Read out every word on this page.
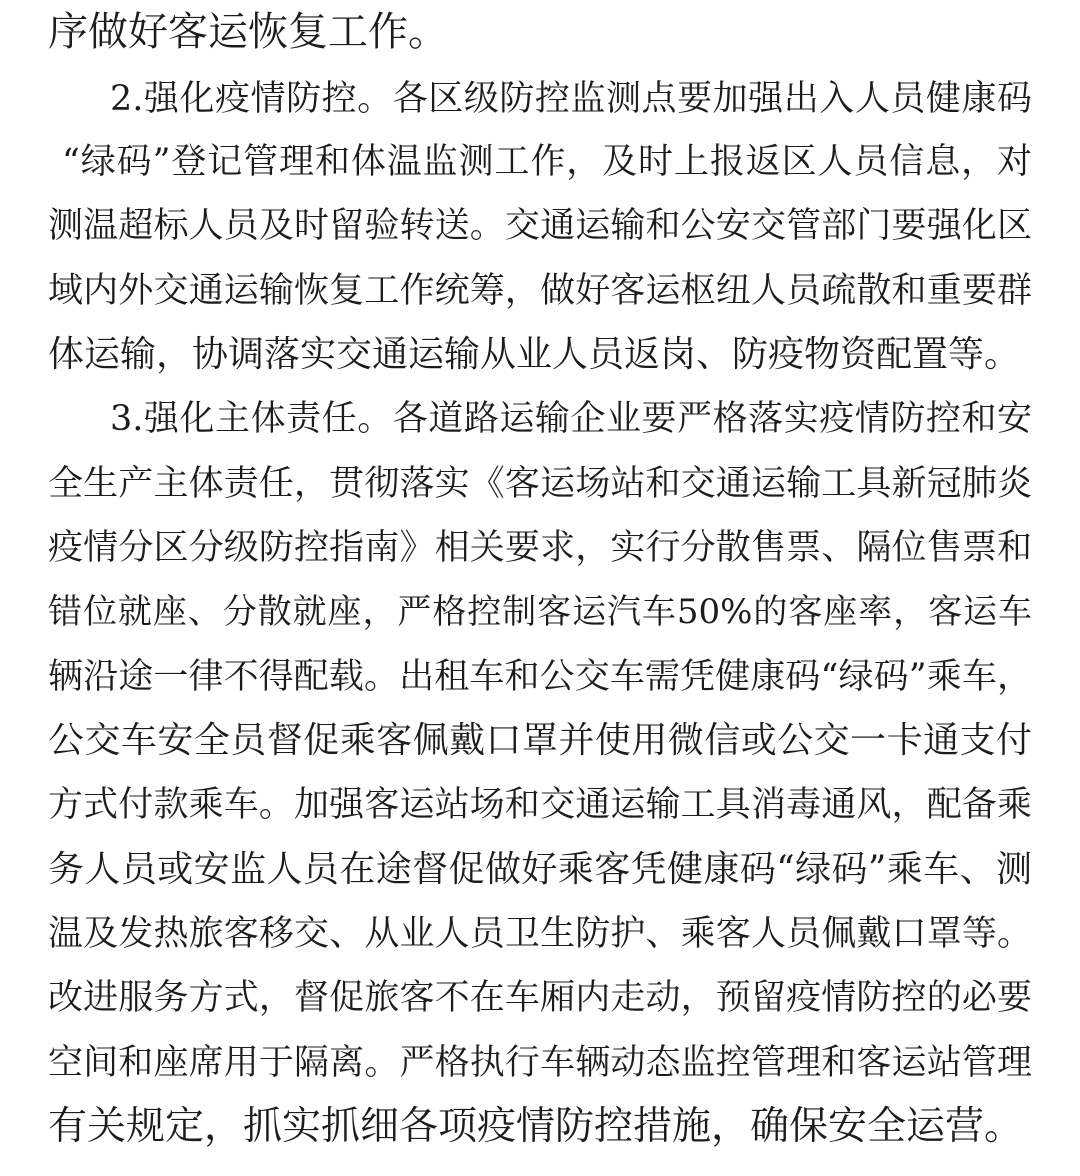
序做好客运恢复工作。
2.强化疫情防控。各区级防控监测点要加强出入人员健康码
“绿码”登记管理和体温监测工作，及时上报返区人员信息，对
测温超标人员及时留验转送。交通运输和公安交管部门要强化区
域内外交通运输恢复工作统筹，做好客运枢纽人员疏散和重要群
体运输，协调落实交通运输从业人员返岗、防疫物资配置等。
3.强化主体责任。各道路运输企业要严格落实疫情防控和安
全生产主体责任，贯彻落实《客运场站和交通运输工具新冠肺炎
疫情分区分级防控指南》相关要求，实行分散售票、隔位售票和
错位就座、分散就座，严格控制客运汽车50%的客座率，客运车
辆沿途一律不得配载。出租车和公交车需凭健康码“绿码”乘车，
公交车安全员督促乘客佩戴口罩并使用微信或公交一卡通支付
方式付款乘车。加强客运站场和交通运输工具消毒通风，配备乘
务人员或安监人员在途督促做好乘客凭健康码“绿码”乘车、测
温及发热旅客移交、从业人员卫生防护、乘客人员佩戴口罩等。
改进服务方式，督促旅客不在车厢内走动，预留疫情防控的必要
空间和座席用于隔离。严格执行车辆动态监控管理和客运站管理
有关规定，抓实抓细各项疫情防控措施，确保安全运营。
